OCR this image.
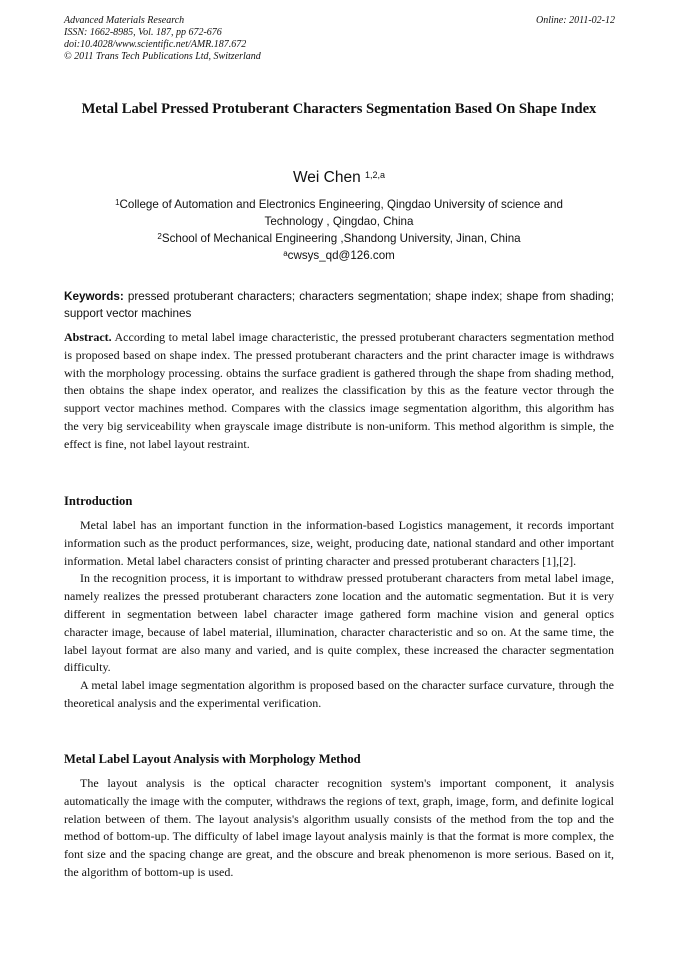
Advanced Materials Research
ISSN: 1662-8985, Vol. 187, pp 672-676
doi:10.4028/www.scientific.net/AMR.187.672
© 2011 Trans Tech Publications Ltd, Switzerland
Online: 2011-02-12
Metal Label Pressed Protuberant Characters Segmentation Based On Shape Index
Wei Chen $^{1,2,a}$
$^1$College of Automation and Electronics Engineering, Qingdao University of science and
Technology , Qingdao, China
$^2$School of Mechanical Engineering ,Shandong University, Jinan, China
$^a$cwsys_qd@126.com
Keywords: pressed protuberant characters; characters segmentation; shape index; shape from shading; support vector machines
Abstract. According to metal label image characteristic, the pressed protuberant characters segmentation method is proposed based on shape index. The pressed protuberant characters and the print character image is withdraws with the morphology processing. obtains the surface gradient is gathered through the shape from shading method, then obtains the shape index operator, and realizes the classification by this as the feature vector through the support vector machines method. Compares with the classics image segmentation algorithm, this algorithm has the very big serviceability when grayscale image distribute is non-uniform. This method algorithm is simple, the effect is fine, not label layout restraint.
Introduction

Metal label has an important function in the information-based Logistics management, it records important information such as the product performances, size, weight, producing date, national standard and other important information. Metal label characters consist of printing character and pressed protuberant characters [1],[2].

In the recognition process, it is important to withdraw pressed protuberant characters from metal label image, namely realizes the pressed protuberant characters zone location and the automatic segmentation. But it is very different in segmentation between label character image gathered form machine vision and general optics character image, because of label material, illumination, character characteristic and so on. At the same time, the label layout format are also many and varied, and is quite complex, these increased the character segmentation difficulty.

A metal label image segmentation algorithm is proposed based on the character surface curvature, through the theoretical analysis and the experimental verification.

Metal Label Layout Analysis with Morphology Method

The layout analysis is the optical character recognition system's important component, it analysis automatically the image with the computer, withdraws the regions of text, graph, image, form, and definite logical relation between of them. The layout analysis's algorithm usually consists of the method from the top and the method of bottom-up. The difficulty of label image layout analysis mainly is that the format is more complex, the font size and the spacing change are great, and the obscure and break phenomenon is more serious. Based on it, the algorithm of bottom-up is used.
